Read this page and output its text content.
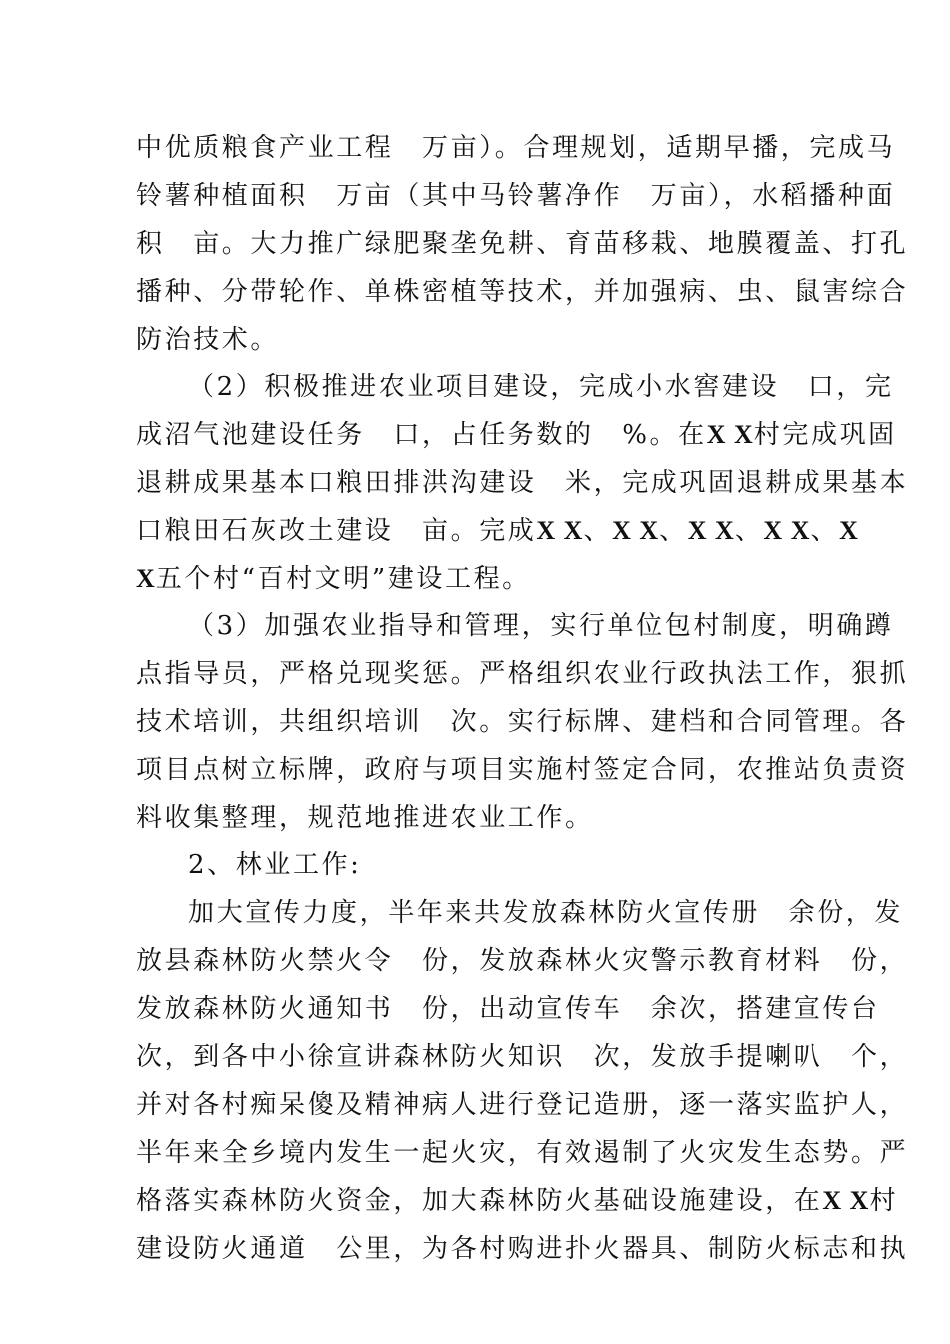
中优质粮食产业工程　万亩）。合理规划，适期早播，完成马
铃薯种植面积　万亩（其中马铃薯净作　万亩），水稻播种面
积　亩。大力推广绿肥聚垄免耕、育苗移栽、地膜覆盖、打孔
播种、分带轮作、单株密植等技术，并加强病、虫、鼠害综合
防治技术。
（2）积极推进农业项目建设，完成小水窖建设　口，完
成沼气池建设任务　口，占任务数的　%。在X X村完成巩固
退耕成果基本口粮田排洪沟建设　米，完成巩固退耕成果基本
口粮田石灰改土建设　亩。完成X X、X X、X X、X X、X
X五个村“百村文明”建设工程。
（3）加强农业指导和管理，实行单位包村制度，明确蹲
点指导员，严格兑现奖惩。严格组织农业行政执法工作，狠抓
技术培训，共组织培训　次。实行标牌、建档和合同管理。各
项目点树立标牌，政府与项目实施村签定合同，农推站负责资
料收集整理，规范地推进农业工作。
2、林业工作:
加大宣传力度，半年来共发放森林防火宣传册　余份，发
放县森林防火禁火令　份，发放森林火灾警示教育材料　份，
发放森林防火通知书　份，出动宣传车　余次，搭建宣传台
次，到各中小徐宣讲森林防火知识　次，发放手提喇叭　个，
并对各村痴呆傻及精神病人进行登记造册，逐一落实监护人，
半年来全乡境内发生一起火灾，有效遏制了火灾发生态势。严
格落实森林防火资金，加大森林防火基础设施建设，在X X村
建设防火通道　公里，为各村购进扑火器具、制防火标志和执
